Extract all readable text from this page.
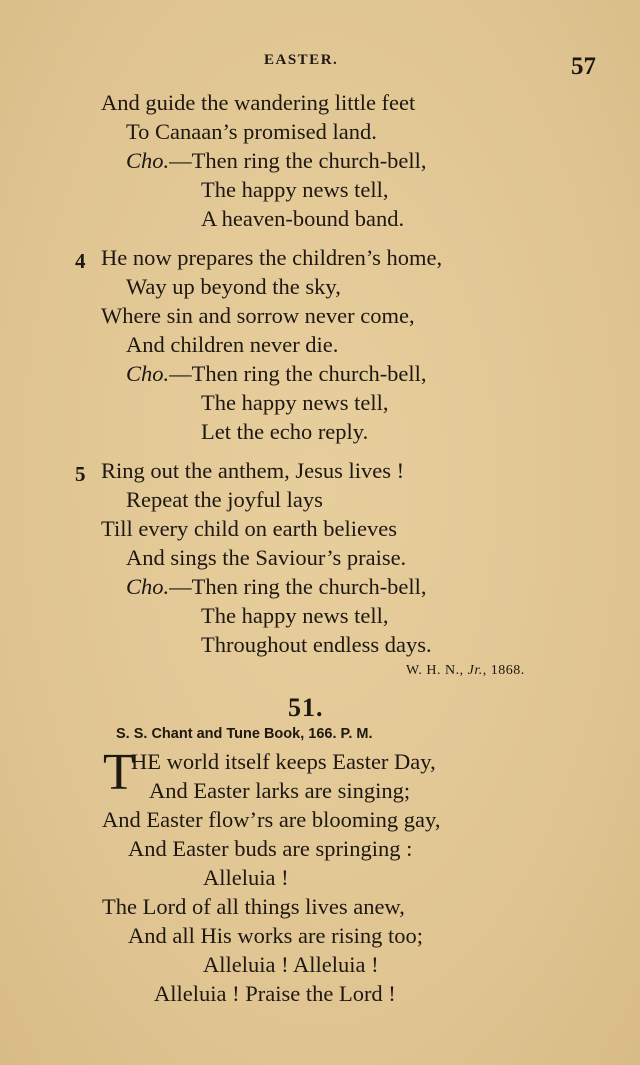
EASTER.	57
And guide the wandering little feet
To Canaan’s promised land.
Cho.—Then ring the church-bell,
The happy news tell,
A heaven-bound band.
4 He now prepares the children’s home,
Way up beyond the sky,
Where sin and sorrow never come,
And children never die.
Cho.—Then ring the church-bell,
The happy news tell,
Let the echo reply.
5 Ring out the anthem, Jesus lives !
Repeat the joyful lays
Till every child on earth believes
And sings the Saviour’s praise.
Cho.—Then ring the church-bell,
The happy news tell,
Throughout endless days.
W. H. N., Jr., 1868.
51.
S. S. Chant and Tune Book, 166. P. M.
T
HE world itself keeps Easter Day,
And Easter larks are singing;
And Easter flow’rs are blooming gay,
And Easter buds are springing :
Alleluia !
The Lord of all things lives anew,
And all His works are rising too;
Alleluia ! Alleluia !
Alleluia ! Praise the Lord !
